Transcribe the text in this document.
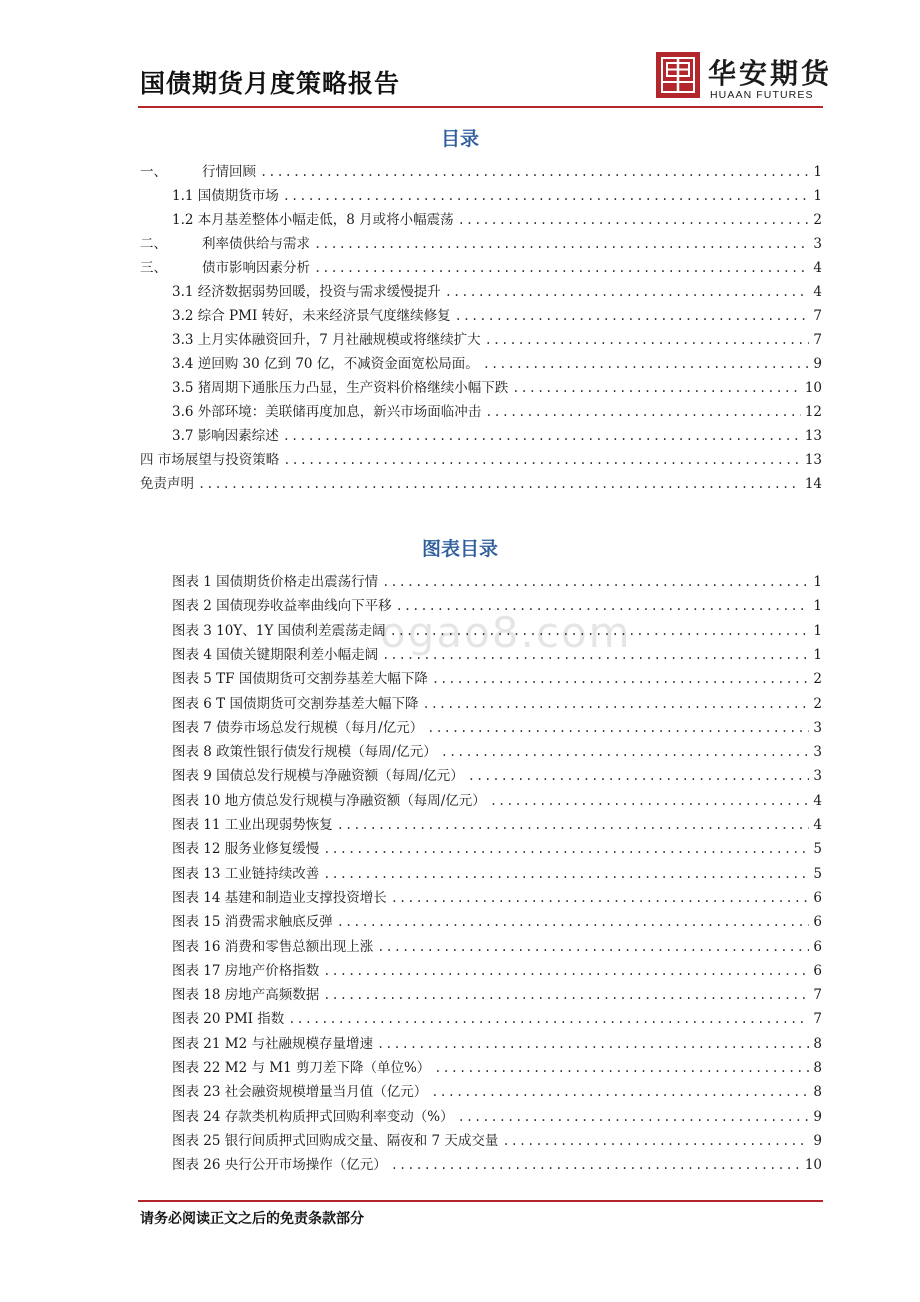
国债期货月度策略报告	华安期货
HUAAN FUTURES
目录
一、	行情回顾 .....	1
1.1 国债期货市场 .....	1
1.2 本月基差整体小幅走低，8 月或将小幅震荡 .....	2
二、	利率债供给与需求 .....	3
三、	债市影响因素分析 .....	4
3.1 经济数据弱势回暖，投资与需求缓慢提升 .....	4
3.2 综合 PMI 转好，未来经济景气度继续修复 .....	7
3.3 上月实体融资回升，7 月社融规模或将继续扩大 .....	7
3.4 逆回购 30 亿到 70 亿，不减资金面宽松局面。 .....	9
3.5 猪周期下通胀压力凸显，生产资料价格继续小幅下跌 .....	10
3.6 外部环境：美联储再度加息，新兴市场面临冲击 .....	12
3.7 影响因素综述 .....	13
四 市场展望与投资策略 .....	13
免责声明 .....	14
图表目录
图表 1 国债期货价格走出震荡行情 .....	1
图表 2 国债现券收益率曲线向下平移 .....	1
图表 3 10Y、1Y 国债利差震荡走阔 .....	1
图表 4 国债关键期限利差小幅走阔 .....	1
图表 5 TF 国债期货可交割券基差大幅下降 .....	2
图表 6 T 国债期货可交割券基差大幅下降 .....	2
图表 7 债券市场总发行规模（每月/亿元） .....	3
图表 8 政策性银行债发行规模（每周/亿元） .....	3
图表 9 国债总发行规模与净融资额（每周/亿元） .....	3
图表 10 地方债总发行规模与净融资额（每周/亿元） .....	4
图表 11 工业出现弱势恢复 .....	4
图表 12 服务业修复缓慢 .....	5
图表 13 工业链持续改善 .....	5
图表 14 基建和制造业支撑投资增长 .....	6
图表 15 消费需求触底反弹 .....	6
图表 16 消费和零售总额出现上涨 .....	6
图表 17 房地产价格指数 .....	6
图表 18 房地产高频数据 .....	7
图表 20 PMI 指数 .....	7
图表 21 M2 与社融规模存量增速 .....	8
图表 22 M2 与 M1 剪刀差下降（单位%） .....	8
图表 23 社会融资规模增量当月值（亿元） .....	8
图表 24 存款类机构质押式回购利率变动（%） .....	9
图表 25 银行间质押式回购成交量、隔夜和 7 天成交量 .....	9
图表 26 央行公开市场操作（亿元） .....	10
ogao8.com
请务必阅读正文之后的免责条款部分
